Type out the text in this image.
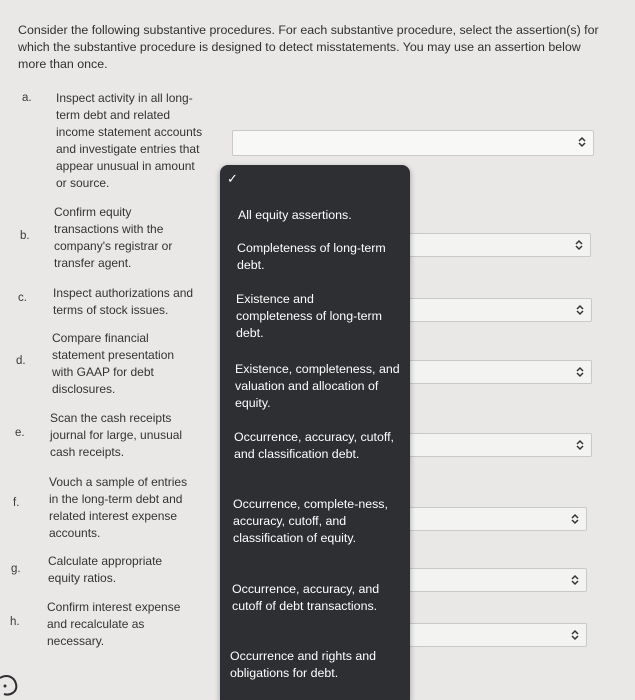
Consider the following substantive procedures. For each substantive procedure, select the assertion(s) for which the substantive procedure is designed to detect misstatements. You may use an assertion below more than once.
a.
b.
c.
d.
e.
f.
g.
h.
Inspect activity in all long-term debt and related income statement accounts and investigate entries that appear unusual in amount or source.
Confirm equity transactions with the company's registrar or transfer agent.
Inspect authorizations and terms of stock issues.
Compare financial statement presentation with GAAP for debt disclosures.
Scan the cash receipts journal for large, unusual cash receipts.
Vouch a sample of entries in the long-term debt and related interest expense accounts.
Calculate appropriate equity ratios.
Confirm interest expense and recalculate as necessary.
✓
All equity assertions.
Completeness of long-term debt.
Existence and completeness of long-term debt.
Existence, completeness, and valuation and allocation of equity.
Occurrence, accuracy, cutoff, and classification debt.
Occurrence, complete-ness, accuracy, cutoff, and classification of equity.
Occurrence, accuracy, and cutoff of debt transactions.
Occurrence and rights and obligations for debt.
